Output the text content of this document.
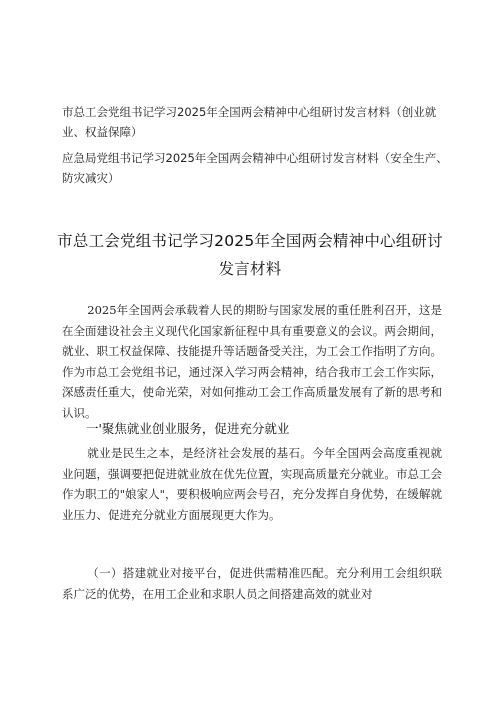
市总工会党组书记学习2025年全国两会精神中心组研讨发言材料（创业就业、权益保障）
应急局党组书记学习2025年全国两会精神中心组研讨发言材料（安全生产、防灾减灾）
市总工会党组书记学习2025年全国两会精神中心组研讨
发言材料

2025年全国两会承载着人民的期盼与国家发展的重任胜利召开，这是在全面建设社会主义现代化国家新征程中具有重要意义的会议。两会期间，就业、职工权益保障、技能提升等话题备受关注，为工会工作指明了方向。作为市总工会党组书记，通过深入学习两会精神，结合我市工会工作实际，深感责任重大，使命光荣，对如何推动工会工作高质量发展有了新的思考和认识。

一'聚焦就业创业服务，促进充分就业

就业是民生之本，是经济社会发展的基石。今年全国两会高度重视就业问题，强调要把促进就业放在优先位置，实现高质量充分就业。市总工会作为职工的"娘家人"，要积极响应两会号召，充分发挥自身优势，在缓解就业压力、促进充分就业方面展现更大作为。

（一）搭建就业对接平台，促进供需精准匹配。充分利用工会组织联系广泛的优势，在用工企业和求职人员之间搭建高效的就业对
